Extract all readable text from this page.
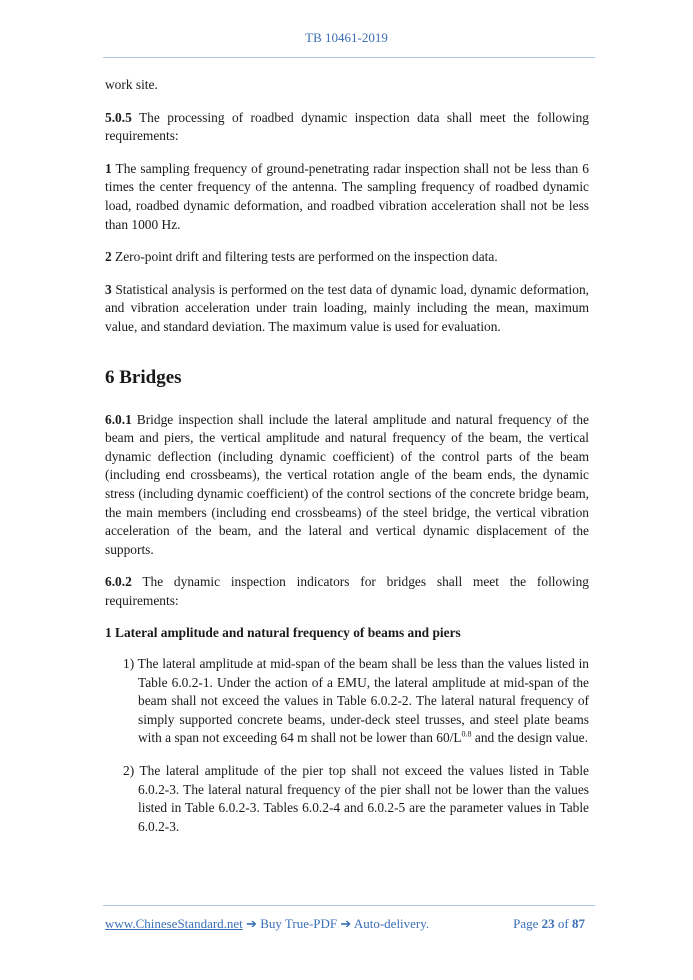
TB 10461-2019

work site.

5.0.5 The processing of roadbed dynamic inspection data shall meet the following requirements:

1 The sampling frequency of ground-penetrating radar inspection shall not be less than 6 times the center frequency of the antenna. The sampling frequency of roadbed dynamic load, roadbed dynamic deformation, and roadbed vibration acceleration shall not be less than 1000 Hz.

2 Zero-point drift and filtering tests are performed on the inspection data.

3 Statistical analysis is performed on the test data of dynamic load, dynamic deformation, and vibration acceleration under train loading, mainly including the mean, maximum value, and standard deviation. The maximum value is used for evaluation.

6 Bridges

6.0.1 Bridge inspection shall include the lateral amplitude and natural frequency of the beam and piers, the vertical amplitude and natural frequency of the beam, the vertical dynamic deflection (including dynamic coefficient) of the control parts of the beam (including end crossbeams), the vertical rotation angle of the beam ends, the dynamic stress (including dynamic coefficient) of the control sections of the concrete bridge beam, the main members (including end crossbeams) of the steel bridge, the vertical vibration acceleration of the beam, and the lateral and vertical dynamic displacement of the supports.

6.0.2 The dynamic inspection indicators for bridges shall meet the following requirements:

1 Lateral amplitude and natural frequency of beams and piers

1) The lateral amplitude at mid-span of the beam shall be less than the values listed in Table 6.0.2-1. Under the action of a EMU, the lateral amplitude at mid-span of the beam shall not exceed the values in Table 6.0.2-2. The lateral natural frequency of simply supported concrete beams, under-deck steel trusses, and steel plate beams with a span not exceeding 64 m shall not be lower than $60/L^{0.8}$ and the design value.

2) The lateral amplitude of the pier top shall not exceed the values listed in Table 6.0.2-3. The lateral natural frequency of the pier shall not be lower than the values listed in Table 6.0.2-3. Tables 6.0.2-4 and 6.0.2-5 are the parameter values in Table 6.0.2-3.

www.ChineseStandard.net ➔ Buy True-PDF ➔ Auto-delivery.	Page 23 of 87
